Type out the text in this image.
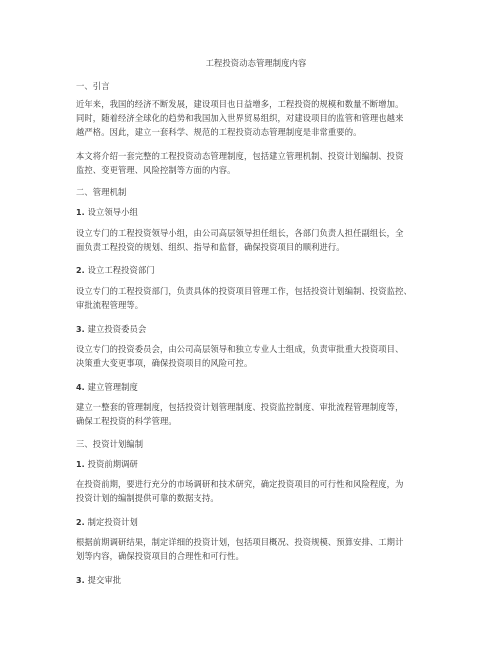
工程投资动态管理制度内容
一、引言
近年来，我国的经济不断发展，建设项目也日益增多，工程投资的规模和数量不断增加。
同时，随着经济全球化的趋势和我国加入世界贸易组织，对建设项目的监管和管理也越来
越严格。因此，建立一套科学、规范的工程投资动态管理制度是非常重要的。
本文将介绍一套完整的工程投资动态管理制度，包括建立管理机制、投资计划编制、投资
监控、变更管理、风险控制等方面的内容。
二、管理机制
1. 设立领导小组
设立专门的工程投资领导小组，由公司高层领导担任组长，各部门负责人担任副组长，全
面负责工程投资的规划、组织、指导和监督，确保投资项目的顺利进行。
2. 设立工程投资部门
设立专门的工程投资部门，负责具体的投资项目管理工作，包括投资计划编制、投资监控、
审批流程管理等。
3. 建立投资委员会
设立专门的投资委员会，由公司高层领导和独立专业人士组成，负责审批重大投资项目、
决策重大变更事项，确保投资项目的风险可控。
4. 建立管理制度
建立一整套的管理制度，包括投资计划管理制度、投资监控制度、审批流程管理制度等，
确保工程投资的科学管理。
三、投资计划编制
1. 投资前期调研
在投资前期，要进行充分的市场调研和技术研究，确定投资项目的可行性和风险程度，为
投资计划的编制提供可靠的数据支持。
2. 制定投资计划
根据前期调研结果，制定详细的投资计划，包括项目概况、投资规模、预算安排、工期计
划等内容，确保投资项目的合理性和可行性。
3. 提交审批
